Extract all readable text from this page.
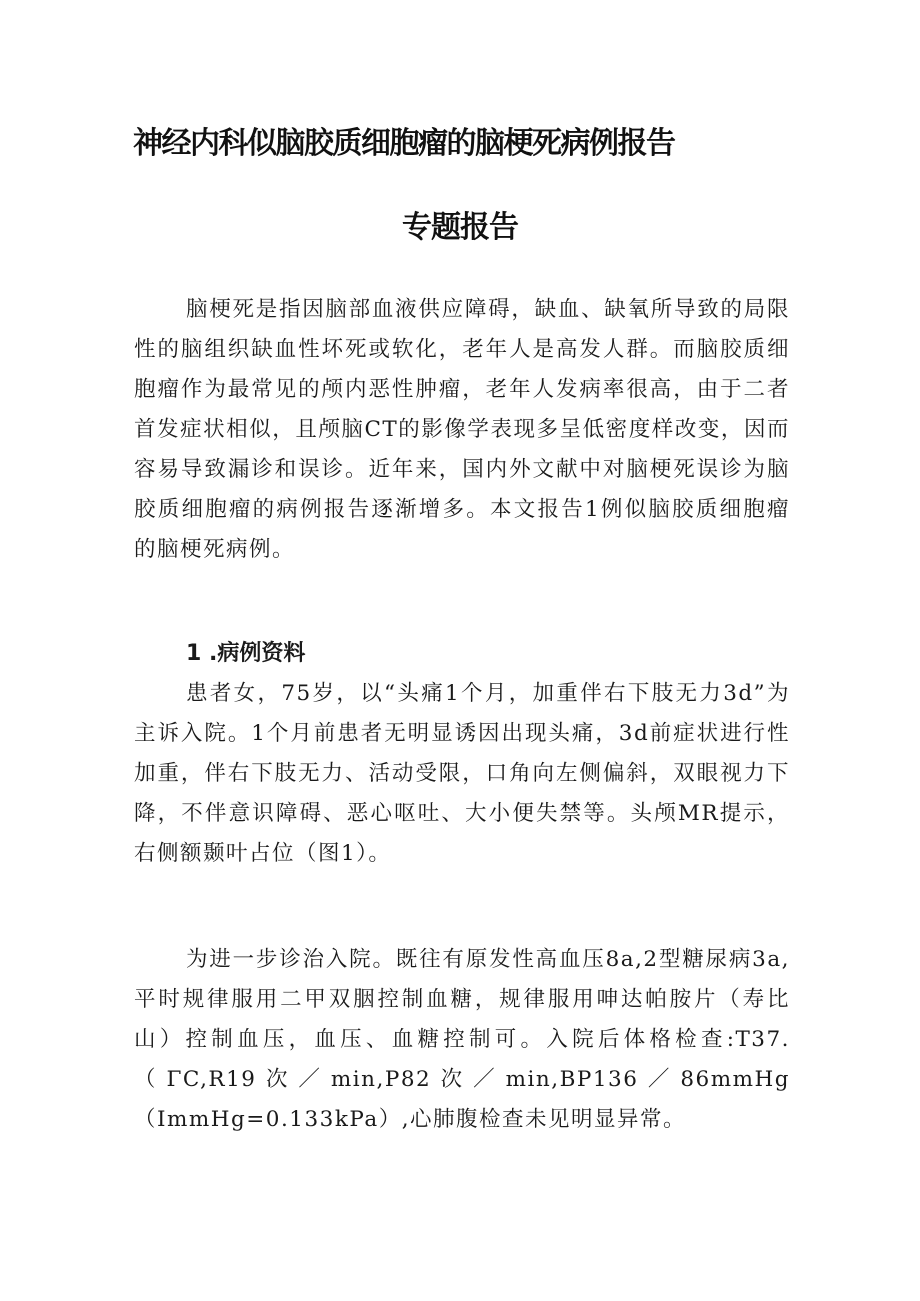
神经内科似脑胶质细胞瘤的脑梗死病例报告
专题报告

脑梗死是指因脑部血液供应障碍，缺血、缺氧所导致的局限性的脑组织缺血性坏死或软化，老年人是高发人群。而脑胶质细胞瘤作为最常见的颅内恶性肿瘤，老年人发病率很高，由于二者首发症状相似，且颅脑CT的影像学表现多呈低密度样改变，因而容易导致漏诊和误诊。近年来，国内外文献中对脑梗死误诊为脑胶质细胞瘤的病例报告逐渐增多。本文报告1例似脑胶质细胞瘤的脑梗死病例。

1 .病例资料

患者女，75岁，以“头痛1个月，加重伴右下肢无力3d”为主诉入院。1个月前患者无明显诱因出现头痛，3d前症状进行性加重，伴右下肢无力、活动受限，口角向左侧偏斜，双眼视力下降，不伴意识障碍、恶心呕吐、大小便失禁等。头颅MR提示，右侧额颞叶占位（图1）。

为进一步诊治入院。既往有原发性高血压8a,2型糖尿病3a,平时规律服用二甲双胭控制血糖，规律服用呻达帕胺片（寿比山）控制血压，血压、血糖控制可。入院后体格检查:T37.（ΓC,R19次／min,P82次／min,BP136／86mmHg（ImmHg=0.133kPa）,心肺腹检查未见明显异常。
